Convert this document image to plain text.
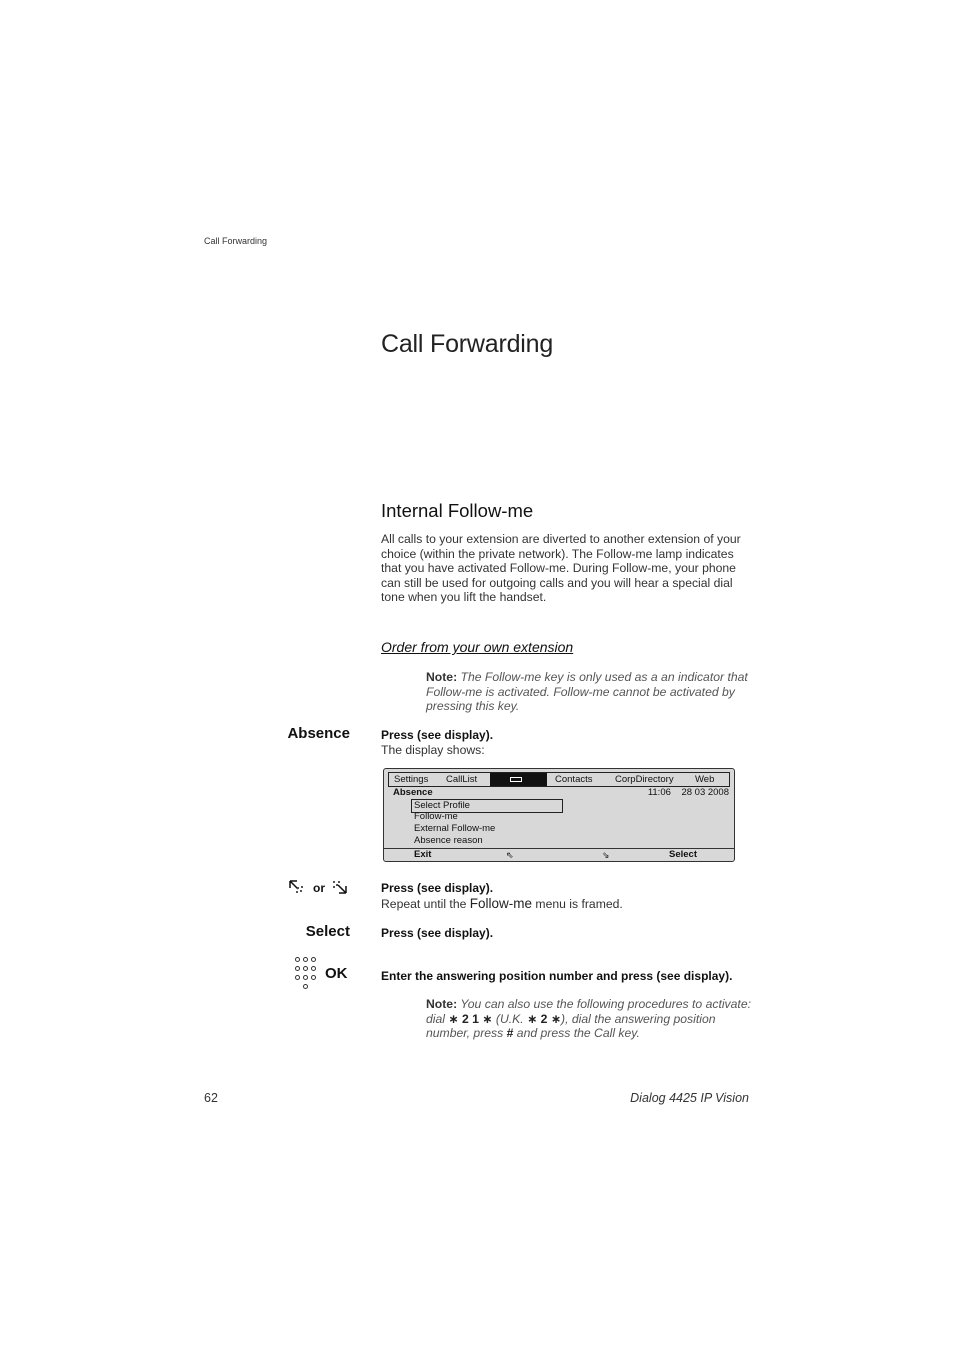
Call Forwarding
Call Forwarding
Internal Follow-me
All calls to your extension are diverted to another extension of your choice (within the private network). The Follow-me lamp indicates that you have activated Follow-me. During Follow-me, your phone can still be used for outgoing calls and you will hear a special dial tone when you lift the handset.
Order from your own extension
Note: The Follow-me key is only used as a an indicator that Follow-me is activated. Follow-me cannot be activated by pressing this key.
Absence	Press (see display).
The display shows:
Settings CallList	Contacts CorpDirectory Web
Absence	11:06 28 03 2008
Select Profile
Follow-me
External Follow-me
Absence reason
Exit	⇖	⇘	Select
or	Press (see display).
Repeat until the Follow-me menu is framed.
Select	Press (see display).
OK	Enter the answering position number and press (see display).
Note: You can also use the following procedures to activate: dial ∗ 2 1 ∗ (U.K. ∗ 2 ∗), dial the answering position number, press # and press the Call key.
62	Dialog 4425 IP Vision
